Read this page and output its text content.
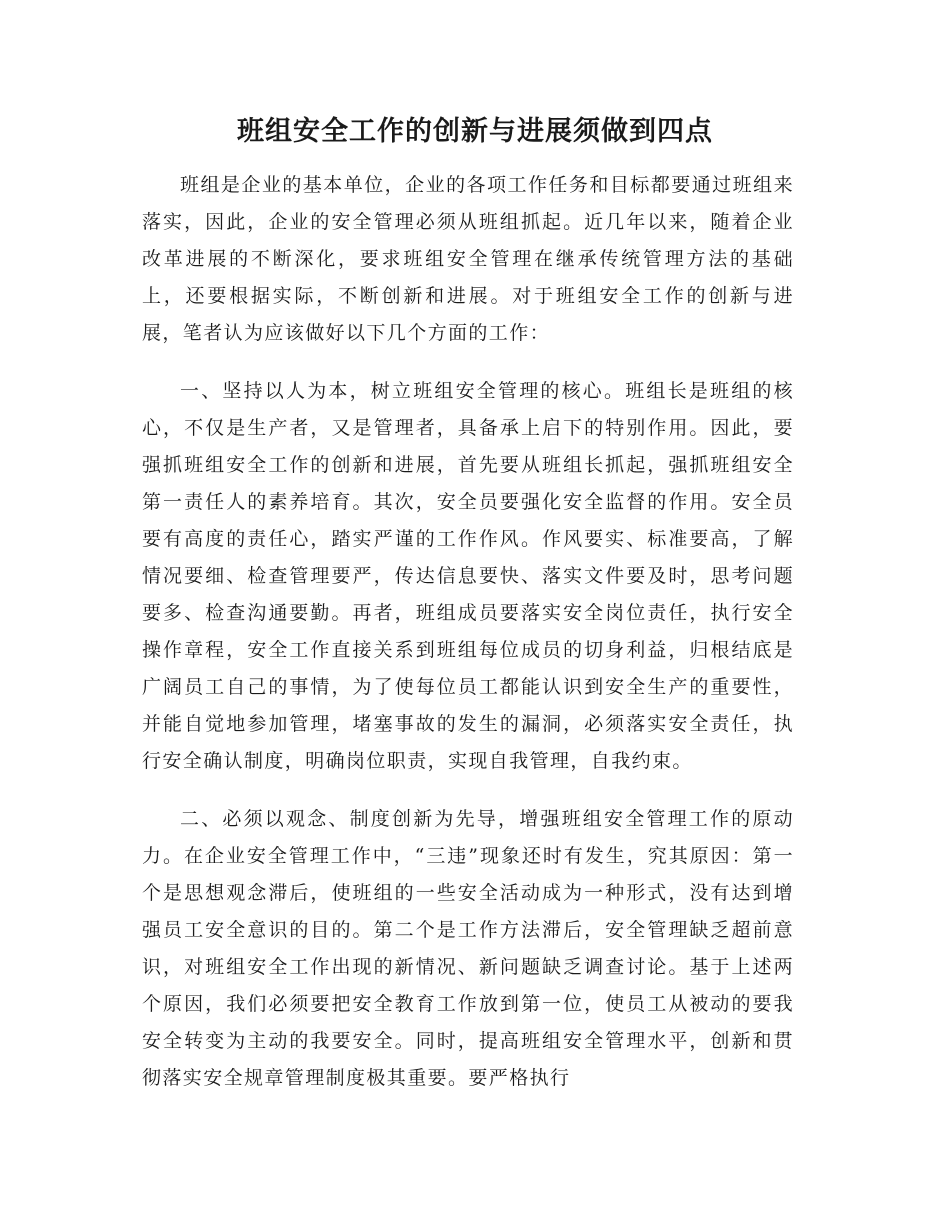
班组安全工作的创新与进展须做到四点

班组是企业的基本单位，企业的各项工作任务和目标都要通过班组来落实，因此，企业的安全管理必须从班组抓起。近几年以来，随着企业改革进展的不断深化，要求班组安全管理在继承传统管理方法的基础上，还要根据实际，不断创新和进展。对于班组安全工作的创新与进展，笔者认为应该做好以下几个方面的工作：

一、坚持以人为本，树立班组安全管理的核心。班组长是班组的核心，不仅是生产者，又是管理者，具备承上启下的特别作用。因此，要强抓班组安全工作的创新和进展，首先要从班组长抓起，强抓班组安全第一责任人的素养培育。其次，安全员要强化安全监督的作用。安全员要有高度的责任心，踏实严谨的工作作风。作风要实、标准要高，了解情况要细、检查管理要严，传达信息要快、落实文件要及时，思考问题要多、检查沟通要勤。再者，班组成员要落实安全岗位责任，执行安全操作章程，安全工作直接关系到班组每位成员的切身利益，归根结底是广阔员工自己的事情，为了使每位员工都能认识到安全生产的重要性，并能自觉地参加管理，堵塞事故的发生的漏洞，必须落实安全责任，执行安全确认制度，明确岗位职责，实现自我管理，自我约束。

二、必须以观念、制度创新为先导，增强班组安全管理工作的原动力。在企业安全管理工作中，“三违”现象还时有发生，究其原因：第一个是思想观念滞后，使班组的一些安全活动成为一种形式，没有达到增强员工安全意识的目的。第二个是工作方法滞后，安全管理缺乏超前意识，对班组安全工作出现的新情况、新问题缺乏调查讨论。基于上述两个原因，我们必须要把安全教育工作放到第一位，使员工从被动的要我安全转变为主动的我要安全。同时，提高班组安全管理水平，创新和贯彻落实安全规章管理制度极其重要。要严格执行
